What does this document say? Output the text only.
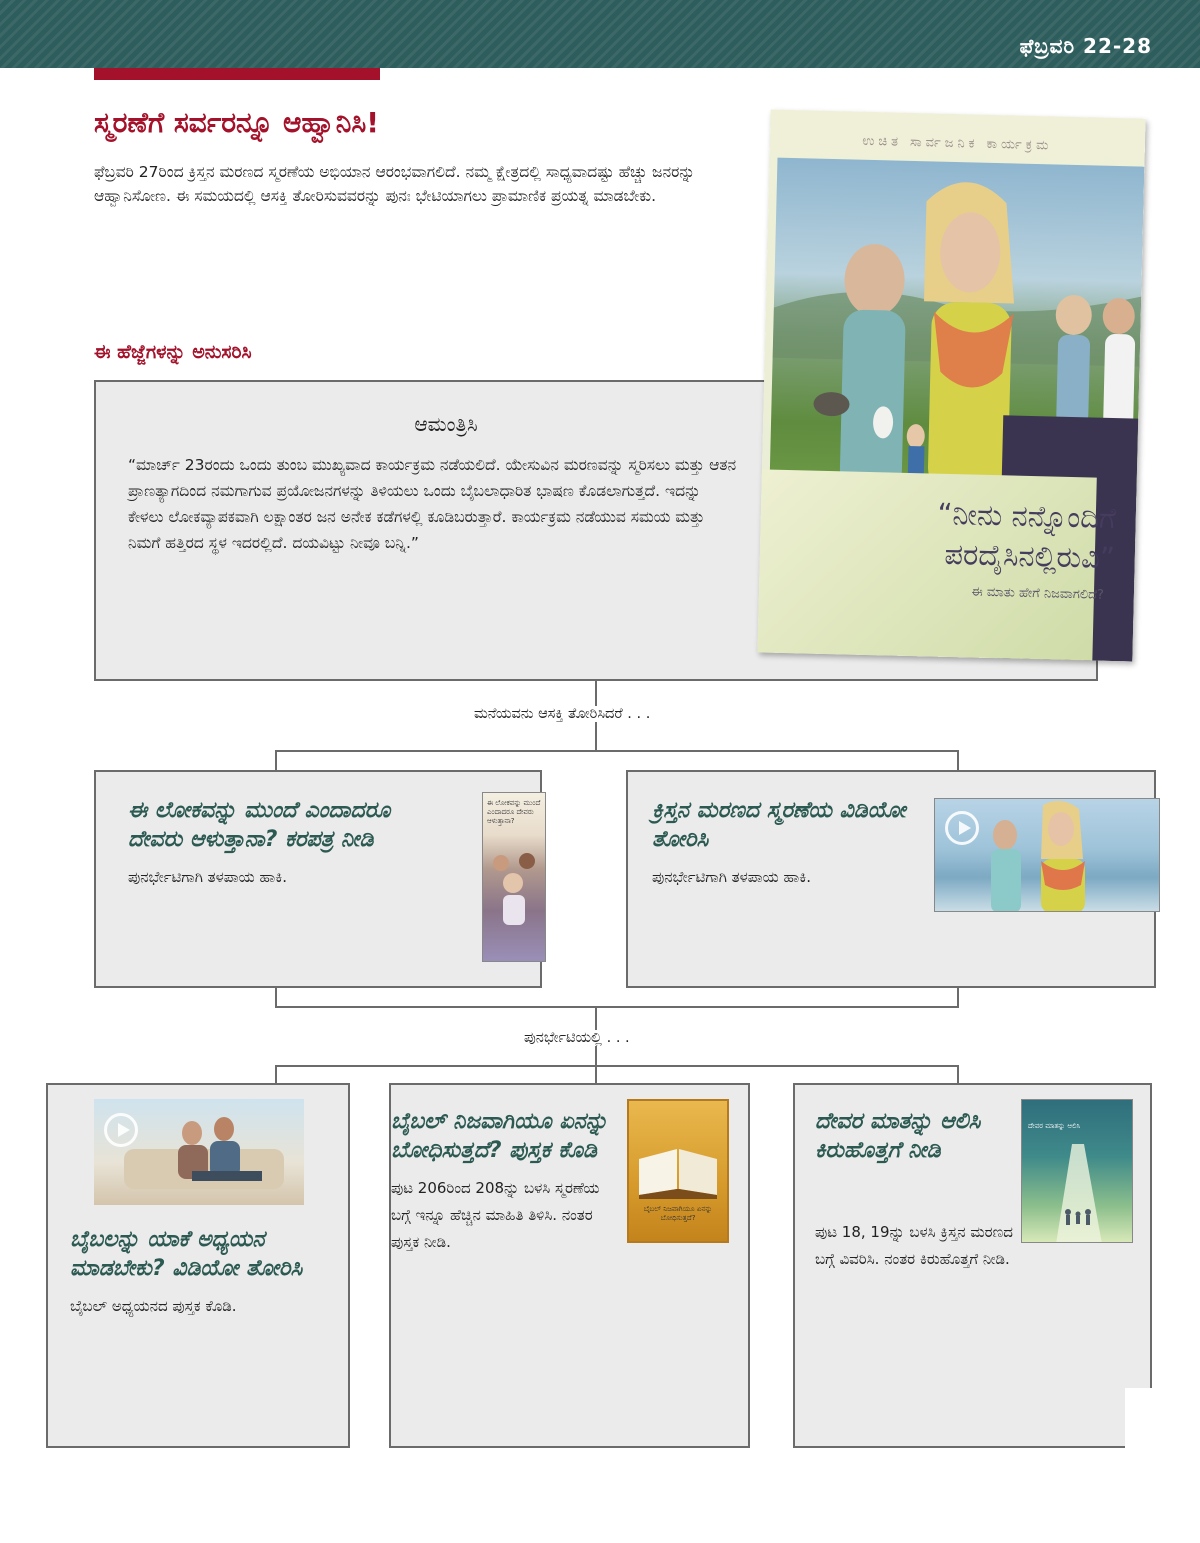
ಫೆಬ್ರವರಿ 22-28
ಸ್ಮರಣೆಗೆ ಸರ್ವರನ್ನೂ ಆಹ್ವಾನಿಸಿ!

ಫೆಬ್ರವರಿ 27ರಿಂದ ಕ್ರಿಸ್ತನ ಮರಣದ ಸ್ಮರಣೆಯ ಅಭಿಯಾನ ಆರಂಭವಾಗಲಿದೆ. ನಮ್ಮ ಕ್ಷೇತ್ರದಲ್ಲಿ ಸಾಧ್ಯವಾದಷ್ಟು ಹೆಚ್ಚು ಜನರನ್ನು ಆಹ್ವಾನಿಸೋಣ. ಈ ಸಮಯದಲ್ಲಿ ಆಸಕ್ತಿ ತೋರಿಸುವವರನ್ನು ಪುನಃ ಭೇಟಿಯಾಗಲು ಪ್ರಾಮಾಣಿಕ ಪ್ರಯತ್ನ ಮಾಡಬೇಕು.

ಈ ಹೆಜ್ಜೆಗಳನ್ನು ಅನುಸರಿಸಿ
ಆಮಂತ್ರಿಸಿ

“ಮಾರ್ಚ್ 23ರಂದು ಒಂದು ತುಂಬ ಮುಖ್ಯವಾದ ಕಾರ್ಯಕ್ರಮ ನಡೆಯಲಿದೆ. ಯೇಸುವಿನ ಮರಣವನ್ನು ಸ್ಮರಿಸಲು ಮತ್ತು ಆತನ ಪ್ರಾಣತ್ಯಾಗದಿಂದ ನಮಗಾಗುವ ಪ್ರಯೋಜನಗಳನ್ನು ತಿಳಿಯಲು ಒಂದು ಬೈಬಲಾಧಾರಿತ ಭಾಷಣ ಕೊಡಲಾಗುತ್ತದೆ. ಇದನ್ನು ಕೇಳಲು ಲೋಕವ್ಯಾಪಕವಾಗಿ ಲಕ್ಷಾಂತರ ಜನ ಅನೇಕ ಕಡೆಗಳಲ್ಲಿ ಕೂಡಿಬರುತ್ತಾರೆ. ಕಾರ್ಯಕ್ರಮ ನಡೆಯುವ ಸಮಯ ಮತ್ತು ನಿಮಗೆ ಹತ್ತಿರದ ಸ್ಥಳ ಇದರಲ್ಲಿದೆ. ದಯವಿಟ್ಟು ನೀವೂ ಬನ್ನಿ.”

ಉಚಿತ ಸಾರ್ವಜನಿಕ ಕಾರ್ಯಕ್ರಮ

“ನೀನು ನನ್ನೊಂದಿಗೆ ಪರದೈಸಿನಲ್ಲಿರುವಿ”

ಈ ಮಾತು ಹೇಗೆ ನಿಜವಾಗಲಿದೆ?

ಮನೆಯವನು ಆಸಕ್ತಿ ತೋರಿಸಿದರೆ . . .
ಈ ಲೋಕವನ್ನು ಮುಂದೆ ಎಂದಾದರೂ ದೇವರು ಆಳುತ್ತಾನಾ? ಕರಪತ್ರ ನೀಡಿ

ಪುನರ್ಭೇಟಿಗಾಗಿ ತಳಪಾಯ ಹಾಕಿ.

ಈ ಲೋಕವನ್ನು ಮುಂದೆ ಎಂದಾದರೂ ದೇವರು ಆಳುತ್ತಾನಾ?	ಕ್ರಿಸ್ತನ ಮರಣದ ಸ್ಮರಣೆಯ ವಿಡಿಯೋ ತೋರಿಸಿ

ಪುನರ್ಭೇಟಿಗಾಗಿ ತಳಪಾಯ ಹಾಕಿ.

ಪುನರ್ಭೇಟಿಯಲ್ಲಿ . . .
ಬೈಬಲನ್ನು ಯಾಕೆ ಅಧ್ಯಯನ ಮಾಡಬೇಕು? ವಿಡಿಯೋ ತೋರಿಸಿ

ಬೈಬಲ್ ಅಧ್ಯಯನದ ಪುಸ್ತಕ ಕೊಡಿ.

ಬೈಬಲ್ ನಿಜವಾಗಿಯೂ ಏನನ್ನು ಬೋಧಿಸುತ್ತದೆ? ಪುಸ್ತಕ ಕೊಡಿ

ಪುಟ 206ರಿಂದ 208ನ್ನು ಬಳಸಿ ಸ್ಮರಣೆಯ ಬಗ್ಗೆ ಇನ್ನೂ ಹೆಚ್ಚಿನ ಮಾಹಿತಿ ತಿಳಿಸಿ. ನಂತರ ಪುಸ್ತಕ ನೀಡಿ.

ಬೈಬಲ್ ನಿಜವಾಗಿಯೂ ಏನನ್ನು ಬೋಧಿಸುತ್ತದೆ?
ದೇವರ ಮಾತನ್ನು ಆಲಿಸಿ ಕಿರುಹೊತ್ತಗೆ ನೀಡಿ

ಪುಟ 18, 19ನ್ನು ಬಳಸಿ ಕ್ರಿಸ್ತನ ಮರಣದ ಬಗ್ಗೆ ವಿವರಿಸಿ. ನಂತರ ಕಿರುಹೊತ್ತಗೆ ನೀಡಿ.

ದೇವರ ಮಾತನ್ನು ಆಲಿಸಿ
